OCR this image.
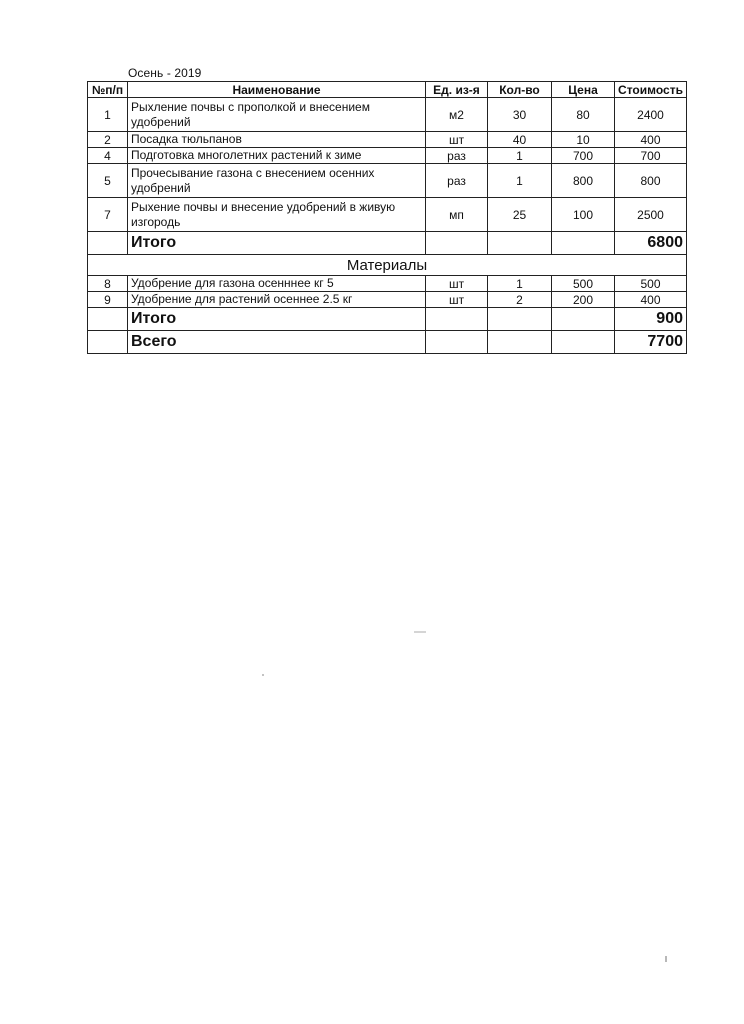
Осень - 2019
№п/п	Наименование	Ед. из-я	Кол-во	Цена	Стоимость
1	Рыхление почвы с прополкой и внесением удобрений	м2	30	80	2400
2	Посадка тюльпанов	шт	40	10	400
4	Подготовка многолетних растений к зиме	раз	1	700	700
5	Прочесывание газона с внесением осенних удобрений	раз	1	800	800
7	Рыхение почвы и внесение удобрений в живую изгородь	мп	25	100	2500
	Итого				6800
Материалы					
8	Удобрение для газона осенннее кг 5	шт	1	500	500
9	Удобрение для растений осеннее 2.5 кг	шт	2	200	400
	Итого				900
	Всего				7700
